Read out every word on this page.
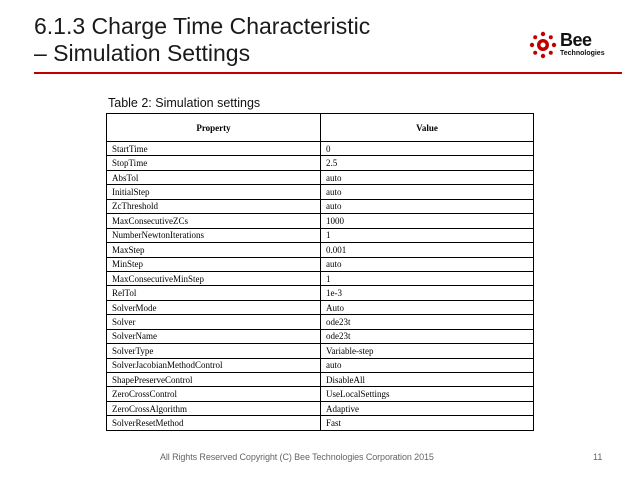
6.1.3 Charge Time Characteristic
– Simulation Settings	Bee
Technologies
Table 2: Simulation settings
Property	Value
StartTime	0
StopTime	2.5
AbsTol	auto
InitialStep	auto
ZcThreshold	auto
MaxConsecutiveZCs	1000
NumberNewtonIterations	1
MaxStep	0.001
MinStep	auto
MaxConsecutiveMinStep	1
RelTol	1e-3
SolverMode	Auto
Solver	ode23t
SolverName	ode23t
SolverType	Variable-step
SolverJacobianMethodControl	auto
ShapePreserveControl	DisableAll
ZeroCrossControl	UseLocalSettings
ZeroCrossAlgorithm	Adaptive
SolverResetMethod	Fast
All Rights Reserved Copyright (C) Bee Technologies Corporation 2015	11
